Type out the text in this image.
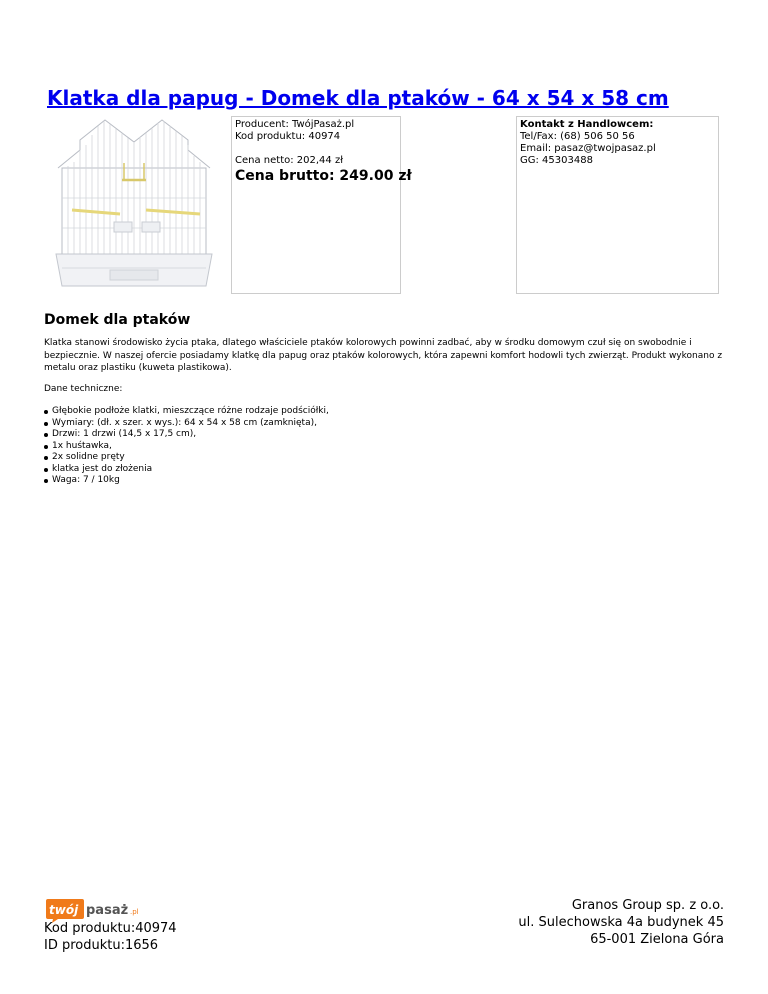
Klatka dla papug - Domek dla ptaków - 64 x 54 x 58 cm
Producent: TwójPasaż.pl
Kod produktu: 40974
Cena netto: 202,44 zł
Cena brutto: 249.00 zł
Kontakt z Handlowcem:
Tel/Fax: (68) 506 50 56
Email: pasaz@twojpasaz.pl
GG: 45303488
Domek dla ptaków

Klatka stanowi środowisko życia ptaka, dlatego właściciele ptaków kolorowych powinni zadbać, aby w środku domowym czuł się on swobodnie i bezpiecznie. W naszej ofercie posiadamy klatkę dla papug oraz ptaków kolorowych, która zapewni komfort hodowli tych zwierząt. Produkt wykonano z metalu oraz plastiku (kuweta plastikowa).

Dane techniczne:

Głębokie podłoże klatki, mieszczące różne rodzaje podściółki,
Wymiary: (dł. x szer. x wys.): 64 x 54 x 58 cm (zamknięta),
Drzwi: 1 drzwi (14,5 x 17,5 cm),
1x huśtawka,
2x solidne pręty
klatka jest do złożenia
Waga: 7 / 10kg
twój pasaż .pl
Kod produktu:40974
ID produktu:1656
Granos Group sp. z o.o.
ul. Sulechowska 4a budynek 45
65-001 Zielona Góra
